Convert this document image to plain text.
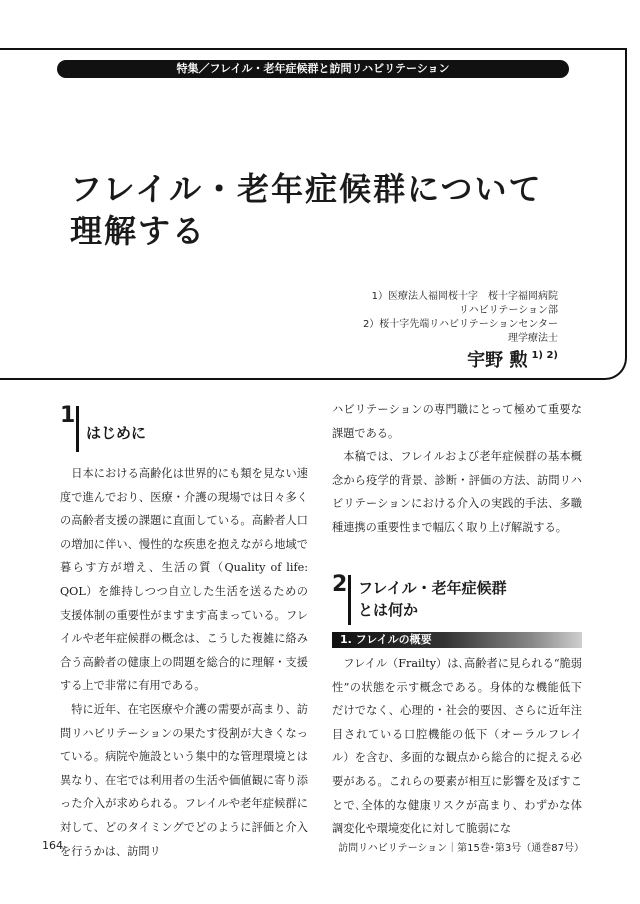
特集／フレイル・老年症候群と訪問リハビリテーション
フレイル・老年症候群について
理解する
1）医療法人福岡桜十字　桜十字福岡病院
リハビリテーション部
2）桜十字先端リハビリテーションセンター
理学療法士
宇野 勲 $^{1) 2)}$
1
はじめに

日本における高齢化は世界的にも類を見ない速度で進んでおり、医療・介護の現場では日々多くの高齢者支援の課題に直面している。高齢者人口の増加に伴い、慢性的な疾患を抱えながら地域で暮らす方が増え、生活の質（Quality of life: QOL）を維持しつつ自立した生活を送るための支援体制の重要性がますます高まっている。フレイルや老年症候群の概念は、こうした複雑に絡み合う高齢者の健康上の問題を総合的に理解・支援する上で非常に有用である。

特に近年、在宅医療や介護の需要が高まり、訪問リハビリテーションの果たす役割が大きくなっている。病院や施設という集中的な管理環境とは異なり、在宅では利用者の生活や価値観に寄り添った介入が求められる。フレイルや老年症候群に対して、どのタイミングでどのように評価と介入を行うかは、訪問リ

ハビリテーションの専門職にとって極めて重要な課題である。

本稿では、フレイルおよび老年症候群の基本概念から疫学的背景、診断・評価の方法、訪問リハビリテーションにおける介入の実践的手法、多職種連携の重要性まで幅広く取り上げ解説する。

2 フレイル・老年症候群
とは何か
1. フレイルの概要

フレイル（Frailty）は､高齢者に見られる“脆弱性”の状態を示す概念である。身体的な機能低下だけでなく、心理的・社会的要因、さらに近年注目されている口腔機能の低下（オーラルフレイル）を含む、多面的な観点から総合的に捉える必要がある。これらの要素が相互に影響を及ぼすことで､全体的な健康リスクが高まり、わずかな体調変化や環境変化に対して脆弱にな

164	訪問リハビリテーション｜第15巻･第3号（通巻87号）
